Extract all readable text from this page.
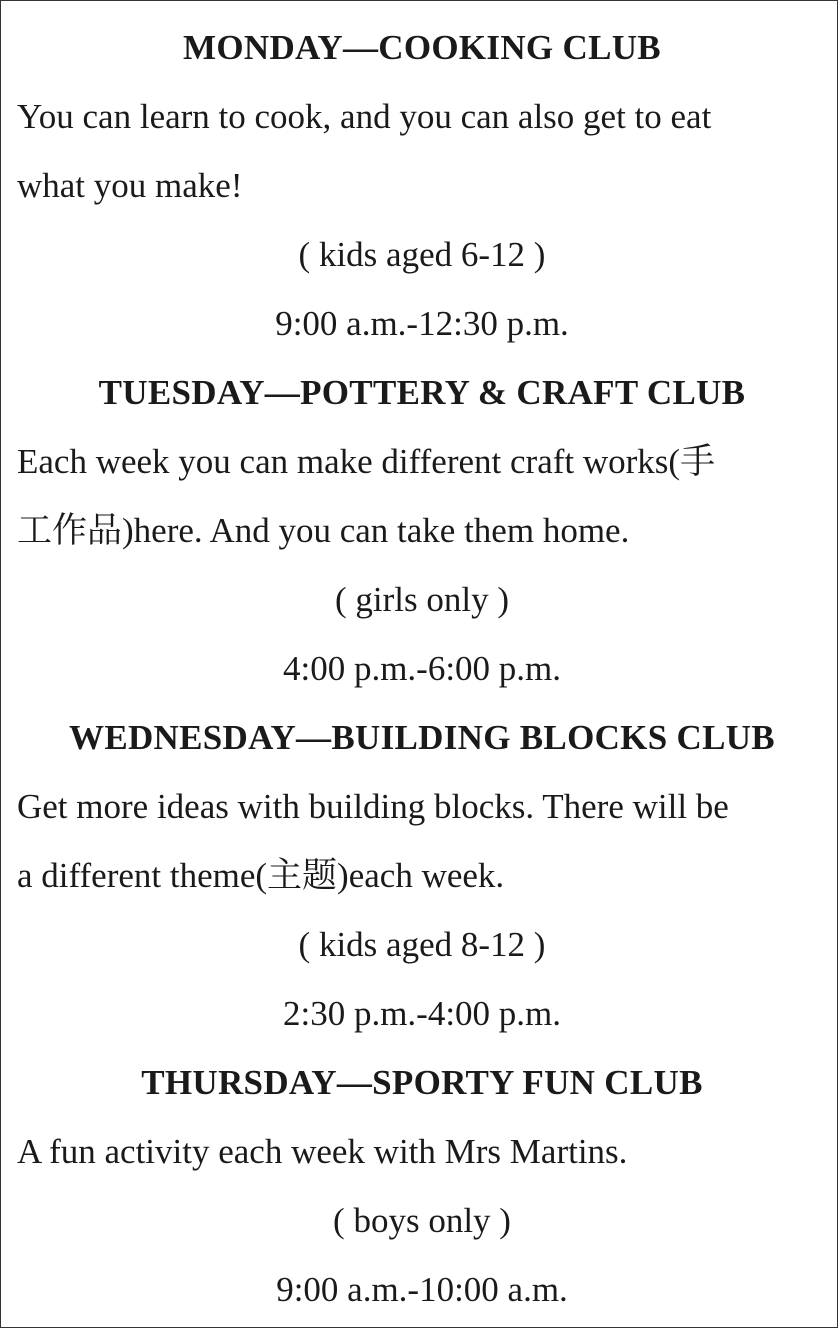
MONDAY—COOKING CLUB
You can learn to cook, and you can also get to eat
what you make!
( kids aged 6-12 )
9:00 a.m.-12:30 p.m.
TUESDAY—POTTERY & CRAFT CLUB
Each week you can make different craft works(手
工作品)here. And you can take them home.
( girls only )
4:00 p.m.-6:00 p.m.
WEDNESDAY—BUILDING BLOCKS CLUB
Get more ideas with building blocks. There will be
a different theme(主题)each week.
( kids aged 8-12 )
2:30 p.m.-4:00 p.m.
THURSDAY—SPORTY FUN CLUB
A fun activity each week with Mrs Martins.
( boys only )
9:00 a.m.-10:00 a.m.
